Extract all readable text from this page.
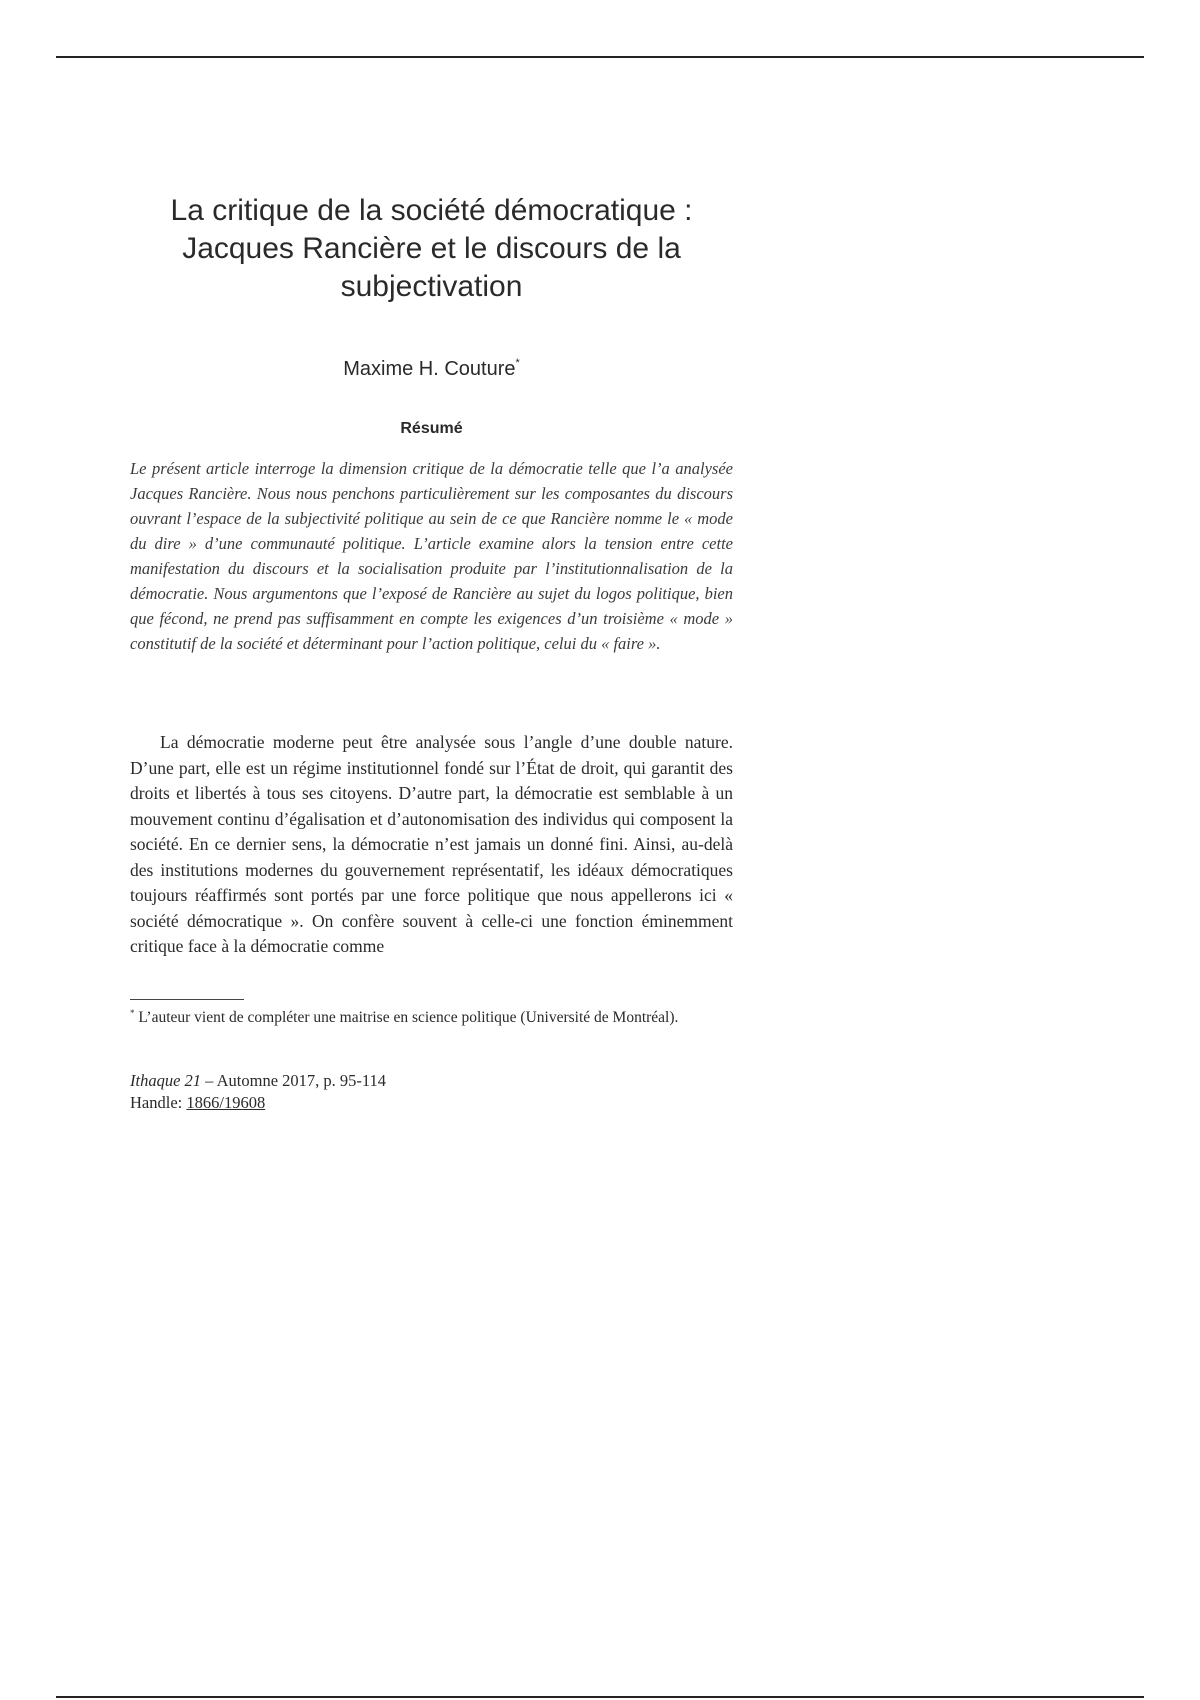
La critique de la société démocratique :
Jacques Rancière et le discours de la
subjectivation
Maxime H. Couture*
Résumé

Le présent article interroge la dimension critique de la démocratie telle que l’a analysée Jacques Rancière. Nous nous penchons particulièrement sur les composantes du discours ouvrant l’espace de la subjectivité politique au sein de ce que Rancière nomme le « mode du dire » d’une communauté politique. L’article examine alors la tension entre cette manifestation du discours et la socialisation produite par l’institutionnalisation de la démocratie. Nous argumentons que l’exposé de Rancière au sujet du logos politique, bien que fécond, ne prend pas suffisamment en compte les exigences d’un troisième « mode » constitutif de la société et déterminant pour l’action politique, celui du « faire ».

La démocratie moderne peut être analysée sous l’angle d’une double nature. D’une part, elle est un régime institutionnel fondé sur l’État de droit, qui garantit des droits et libertés à tous ses citoyens. D’autre part, la démocratie est semblable à un mouvement continu d’égalisation et d’autonomisation des individus qui composent la société. En ce dernier sens, la démocratie n’est jamais un donné fini. Ainsi, au-delà des institutions modernes du gouvernement représentatif, les idéaux démocratiques toujours réaffirmés sont portés par une force politique que nous appellerons ici « société démocratique ». On confère souvent à celle-ci une fonction éminemment critique face à la démocratie comme

* L’auteur vient de compléter une maitrise en science politique (Université de Montréal).

Ithaque 21 – Automne 2017, p. 95-114
Handle: 1866/19608
